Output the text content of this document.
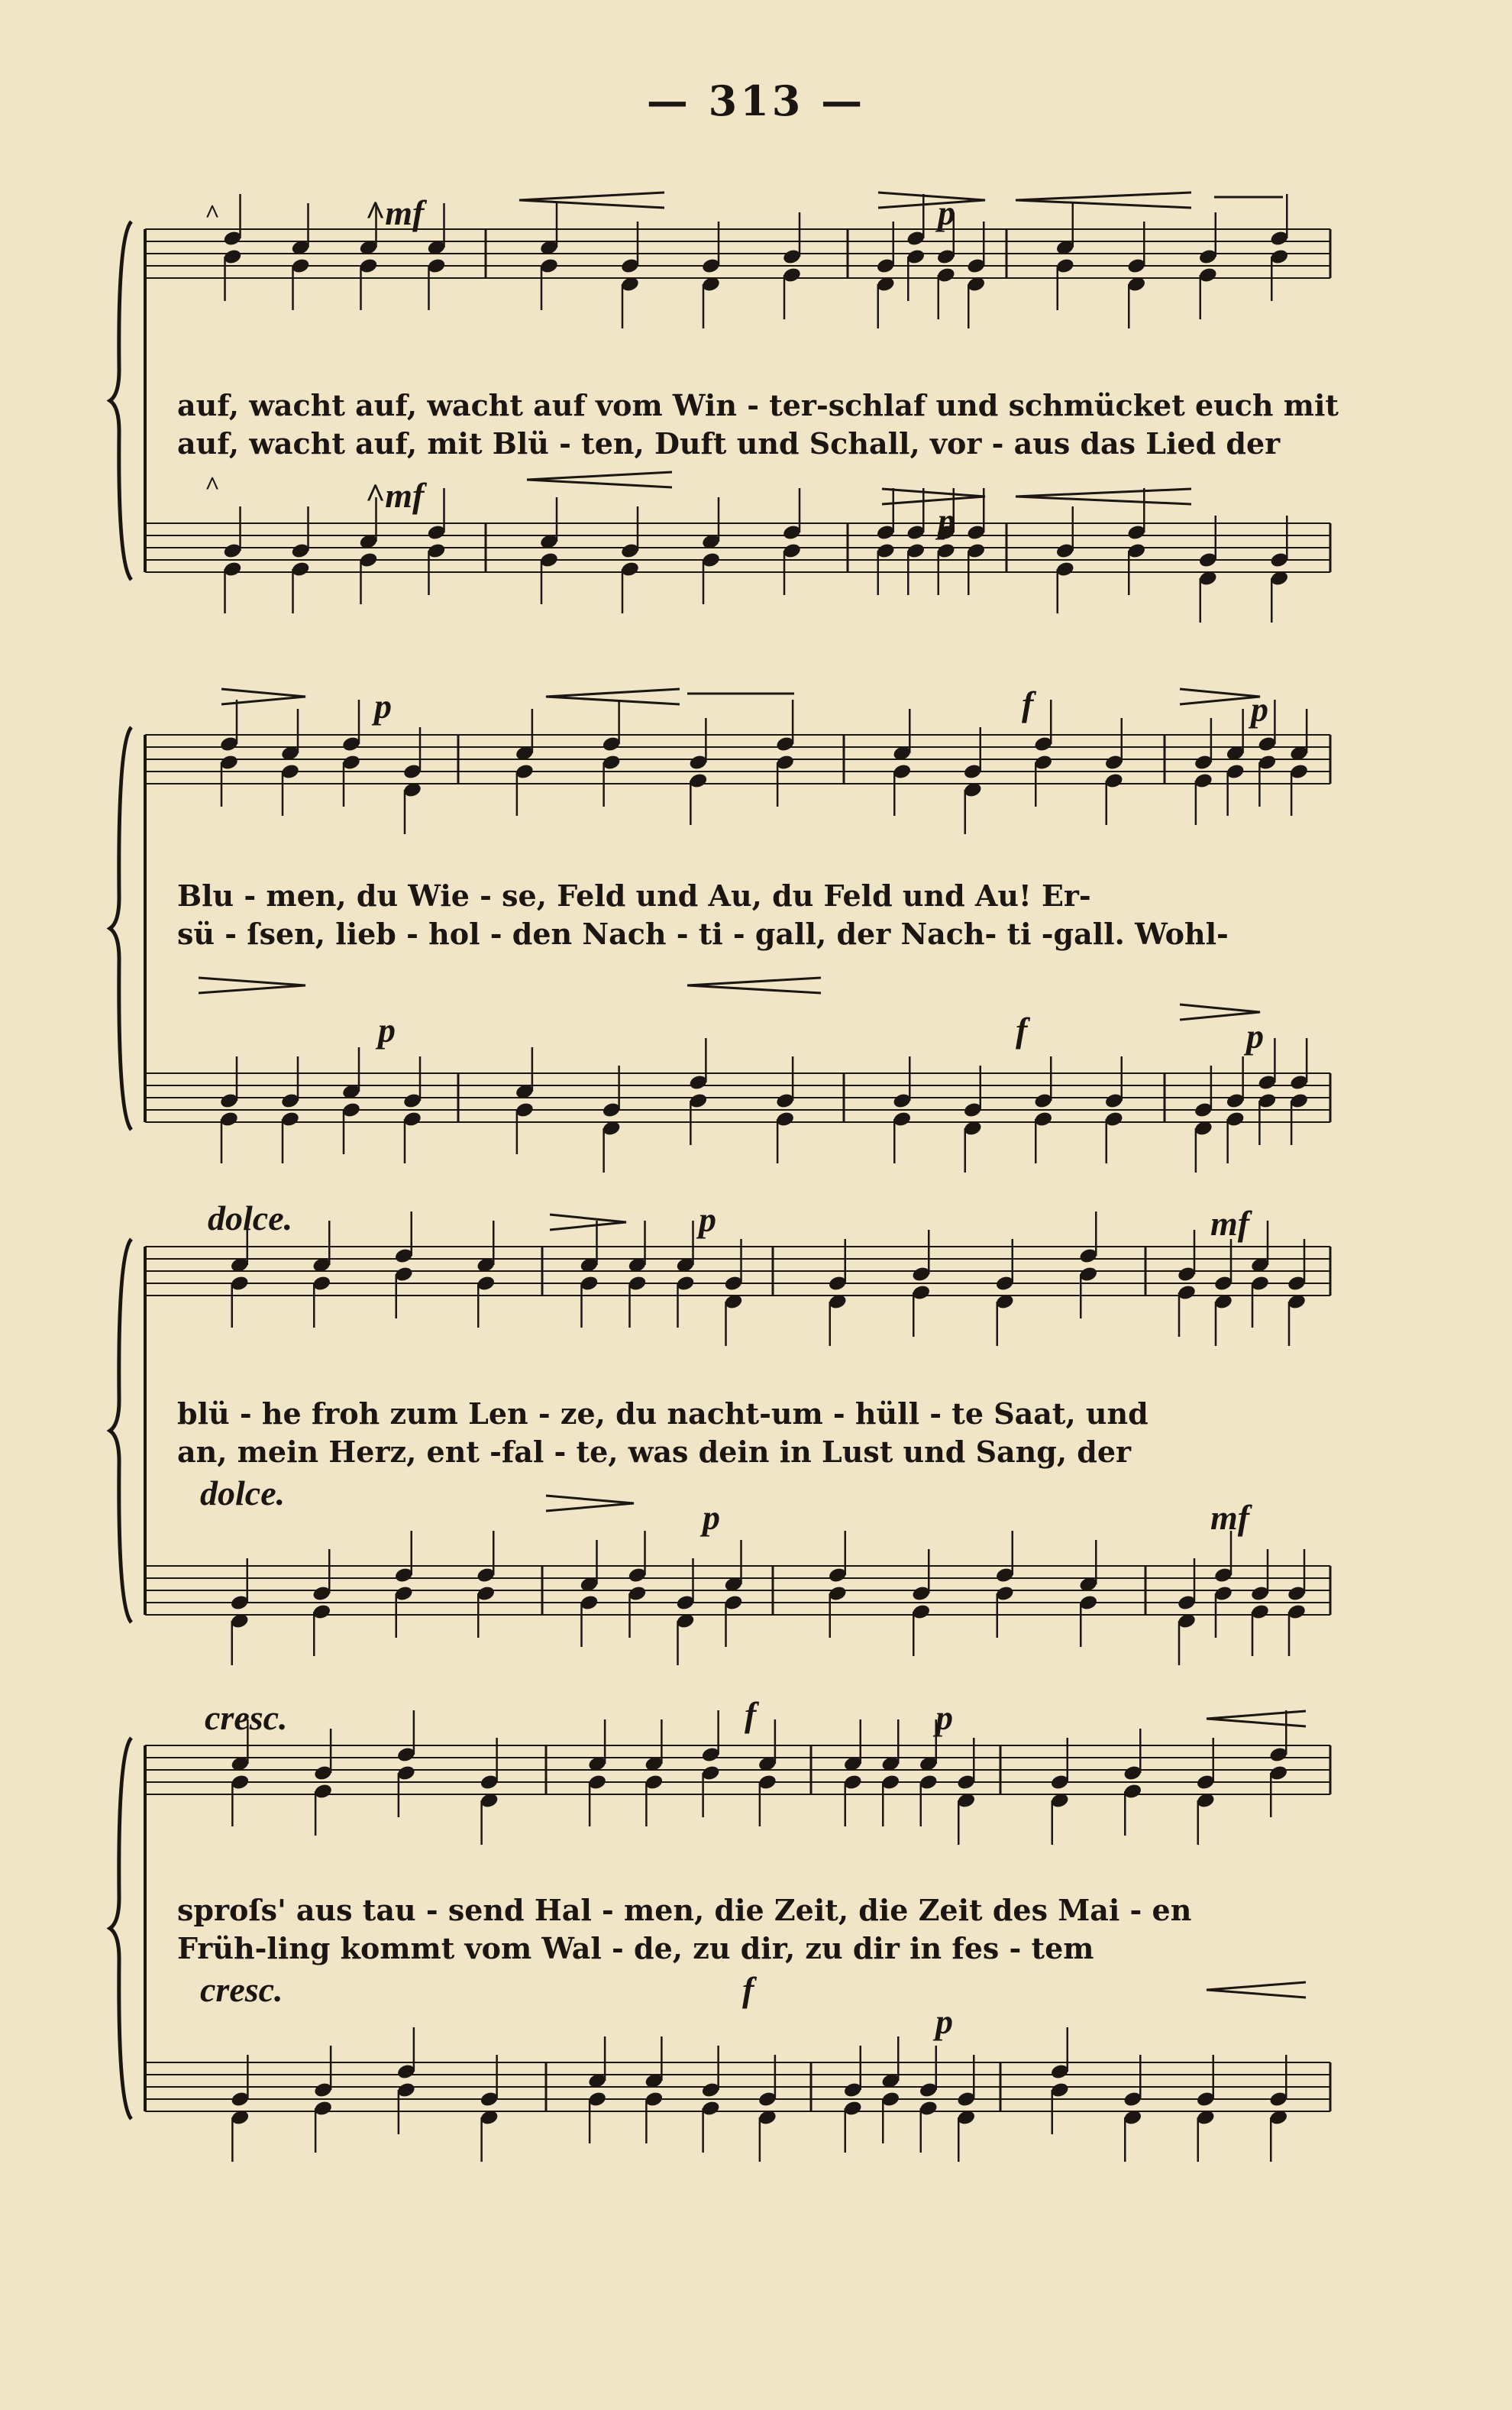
— 313 —
^	^mf	p
auf, wacht auf, wacht auf vom Win - ter-schlaf und schmücket euch mit
auf, wacht auf, mit Blü - ten, Duft und Schall, vor - aus das Lied der
^	^mf
p
p	f	p
Blu - men, du Wie - se, Feld und Au, du Feld und Au! Er-
sü - ſsen, lieb - hol - den Nach - ti - gall, der Nach- ti -gall. Wohl-
p	f	p
dolce.	p	mf
blü - he froh zum Len - ze, du nacht-um - hüll - te Saat, und
an, mein Herz, ent -fal - te, was dein in Lust und Sang, der
dolce.
p	mf
cresc.	f	p
sproſs' aus tau - send Hal - men, die Zeit, die Zeit des Mai - en
Früh-ling kommt vom Wal - de, zu dir, zu dir in fes - tem
cresc.	f
p
